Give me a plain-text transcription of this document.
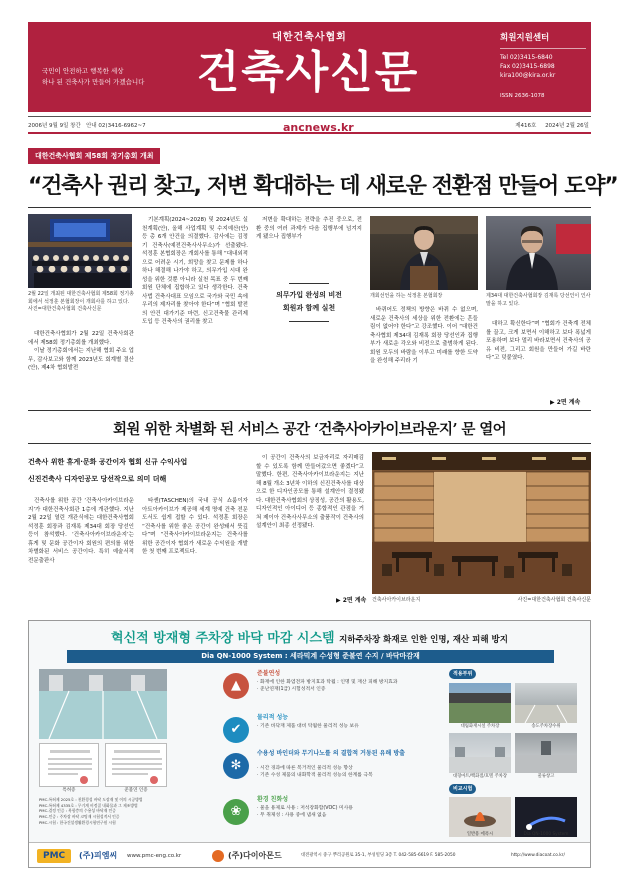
대한건축사협회
건축사신문
국민이 안전하고 행복한 세상
하나 된 건축사가 만들어 가겠습니다
회원지원센터
Tel 02)3415-6840
Fax 02)3415-6898
kira100@kira.or.kr
ISSN 2636-1078
2006년 9월 9일 창간 안내 02)3416-6962~7	ancnews.kr	제416호 2024년 2월 26일
대한건축사협회 제58회 정기총회 개최
“건축사 권리 찾고, 저변 확대하는 데 새로운 전환점 만들어 도약”
2월 22일 개최된 대한건축사협회 제58회 정기총회에서 석정훈 본협회장이 개회사를 하고 있다. 사진=대한건축사협회 건축사신문

대한건축사협회가 2월 22일 건축사회관에서 제58회 정기총회를 개최했다.

이날 정기총회에서는 지난해 협회 주요 업무, 감사보고와 함께 2023년도 회계별 결산(안), 제4차 협회발전

기본계획(2024~2028) 및 2024년도 실천계획(안), 올해 사업계획 및 수지예산(안) 등 총 6개 안건을 의결했다. 감사에는 김정기 건축사(예전건축사사무소)가 선출됐다. 석정훈 본협회장은 개회사를 통해 “대내외적으로 어려운 시기, 희망을 찾고 문제를 하나하나 해결해 나가야 하고, 의무가입 시대 완성을 위한 것뿐 아니라 실천 목표 중 두 번째 회원 단체에 집합하고 있다 생각한다. 건축사법 건축사대표 모임으로 국가와 국민 속에 우리의 제자리를 찾아야 한다”며 “협회 발전의 안건 대가기준 마련, 신고건축물 관리제 도입 등 건축사의 권리를 찾고

저변을 확대하는 전략을 추진 중으로, 전환 중의 여러 과제가 다음 집행부에 넘겨지게 됐으나 집행부가

의무가입 완성의 비전
회원과 함께 실천
개회선언을 하는 석정훈 본협회장

바뀌어도 정책의 방향은 바뀌 수 없으며, 새로운 건축사의 세상을 위한 전환에는 흔들림이 없어야 한다”고 강조했다. 이어 “대한건축사협회 제34대 김재록 회장 당선인과 집행부가 새로운 각오와 비전으로 출범하게 된다. 회원 모두의 바람을 이루고 미래를 향한 도약을 완성해 주리라 기

제34대 대한건축사협회장 김재록 당선인이 인사말을 하고 있다.

대하고 확신한다”며 “협회가 건축계 전체를 끌고, 크게 보면서 이해하고 보다 폭넓게 포용하며 보다 멀리 바라보면서 건축사의 공유 비전, 그리고 회원을 만들어 가길 바란다”고 덧붙였다.

▶ 2면 계속
회원 위한 차별화 된 서비스 공간 ‘건축사아카이브라운지’ 문 열어
건축사 위한 휴게·문화 공간이자 협회 신규 수익사업
신진건축사 디자인공모 당선작으로 의미 더해

건축사를 위한 공간 ‘건축사아카이브라운지’가 대한건축사회관 1층에 개관했다. 지난 2월 22일 열린 개관식에는 대한건축사협회 석정훈 회장과 김재록 제34대 회장 당선인 등이 참석했다. ‘건축사아카이브라운지’는 휴게 및 문화 공간이자 회원의 편의를 위한 차별화된 서비스 공간이다. 특히 예술서적 전문출판사

타셴(TASCHEN)의 국내 공식 쇼룸이자 아트아카이브가 제공해 세계 명예 건축 전문도서도 쉽게 접할 수 있다. 석정훈 회장은 “건축사를 위한 좋은 공간이 완성돼서 뜻깊다”며 “건축사아카이브라운지는 건축사를 위한 공간이자 협회가 새로운 수익원을 개발한 첫 번째 프로젝트다.

이 공간이 건축사의 보금자리로 자리매김할 수 있도록 함께 만들어갔으면 좋겠다”고 말했다. 한편, 건축사아카이브라운지는 지난해 8월 개소 3년차 이하의 신진건축사를 대상으로 한 디자인공모를 통해 설계안이 결정됐다. 대한건축사협회의 상징성, 공간의 활용도, 디자인적인 아이디어 등 종합적인 관점을 거쳐 제이아 건축사사무소의 출품작이 건축사의 설계안이 최종 선정됐다.

▶ 2면 계속 건축사아카이브라운지	사진=대한건축사협회 건축사신문
혁신적 방재형 주차장 바닥 마감 시스템 지하주차장 화재로 인한 인명, 재산 피해 방지
Dia QN-1000 System : 세라믹계 수성형 준불연 수지 / 바닥마감재
특허증	준불연 인증
PMC-특허제 2025호 : 친환경성 바닥 도장재 및 이의 시공방법
PMC-특허제 4335호 : 무기계 비정질 내화물과 그 제조방법
PMC-결정 인증 : 복합층의 수용성 바닥재 인증
PMC-인증 : 주차장 바닥 코팅재 시험성적서 인증
PMC-시험 : 한국건설생활환경시험연구원 시험
▲
준불연성
· 화재에 인한 화염전파 방지효과 탁월 : 인명 및 재산 피해 방지효과
· 준난연재(1급) 시험성적서 인증
✔
물리적 성능
· 기존 바닥재 제품 대비 탁월한 물리적 성능 보유
✻
수용성 바인더와 무기나노를 의 결합적 거동된 유해 방출
· 시간 경과에 따른 복거적인 물리적 성능 향상
· 기존 수성 제품의 내화학적 물리적 성능의 한계를 극복
❀
환경 친화성
· 물을 용제로 사용 : 저석장화합(VOC) 미사용
· 무 취제성 : 사용 중에 냄새 없음
적용부위
대림화재시설 주차장	송도주차장수위
대형마트/백화점/호텔 주차장	물류창고
비교시험
일반용 에폭시	Dia QN-1000 System
PMC	(주)피엠씨 www.pmc-eng.co.kr	(주)다이아몬드	대전광역시 중구 뿌리공원로 35-1, 부성빌딩 3층 T. 042-585-6619 F. 585-2050	http://www.diacoat.co.kr/
